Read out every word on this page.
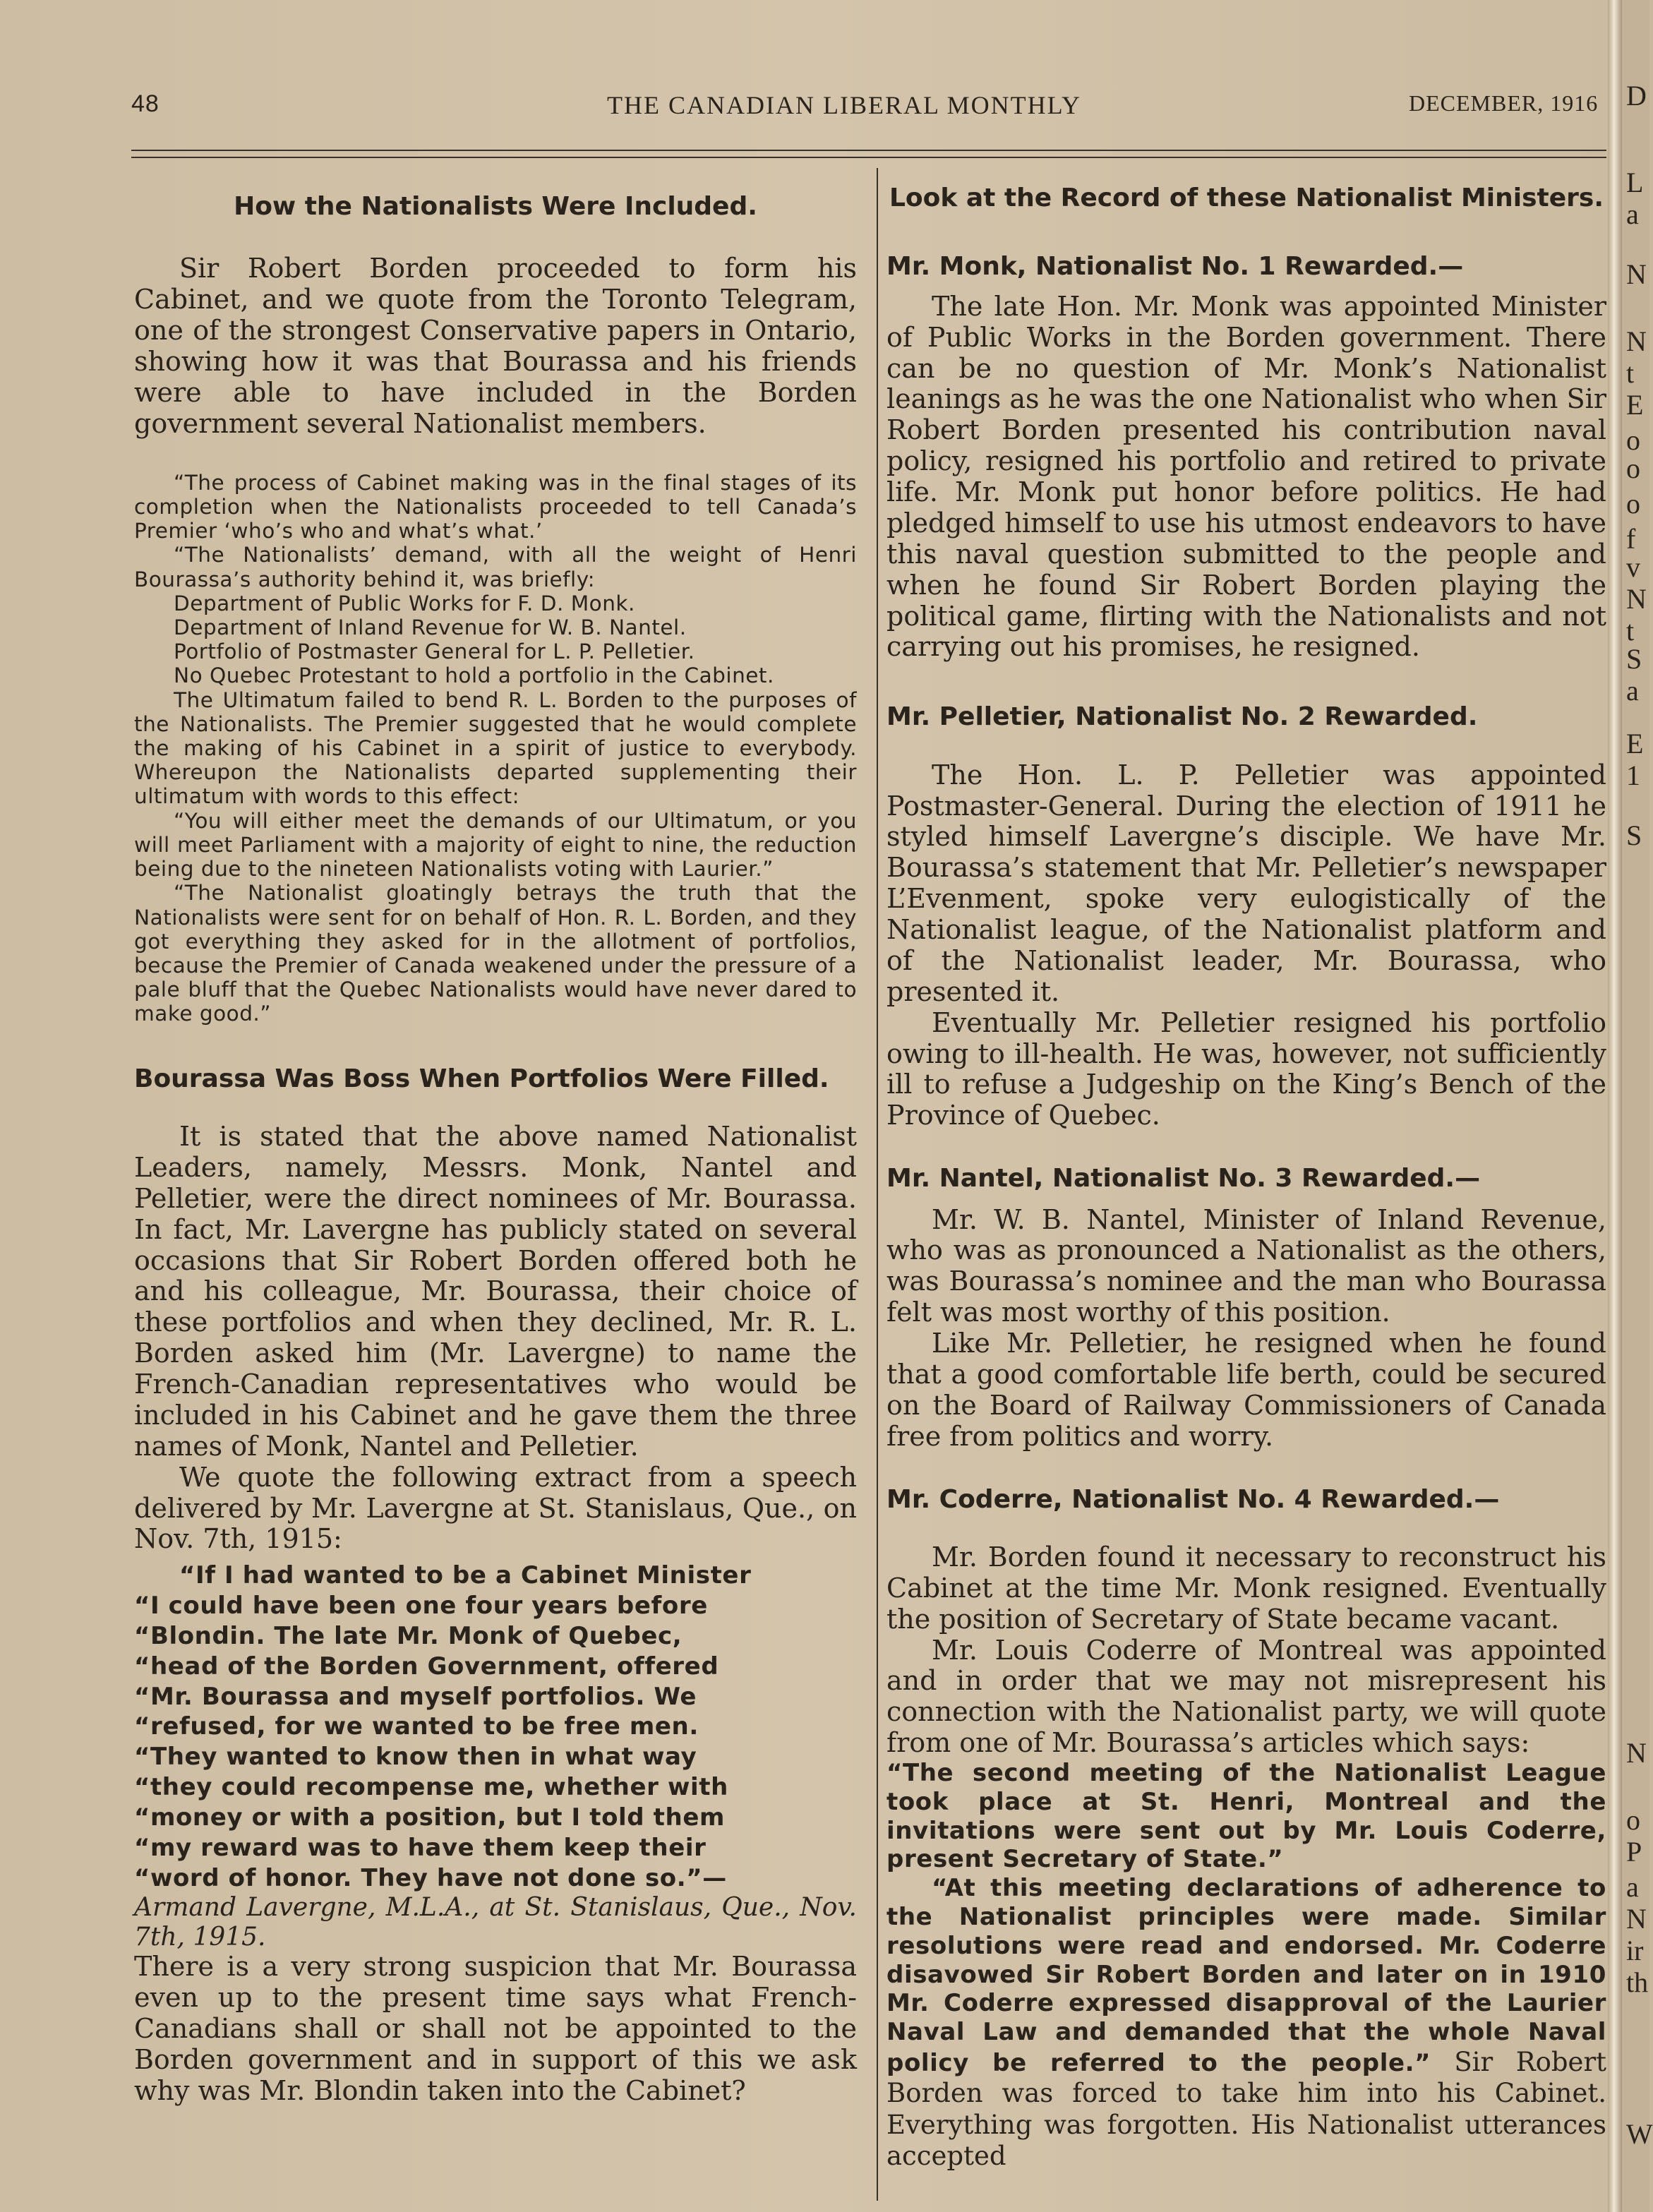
48	THE CANADIAN LIBERAL MONTHLY	DECEMBER, 1916
How the Nationalists Were Included.

Sir Robert Borden proceeded to form his Cabinet, and we quote from the Toronto Telegram, one of the strongest Conservative papers in Ontario, showing how it was that Bourassa and his friends were able to have included in the Borden government several Nationalist members.

“The process of Cabinet making was in the final stages of its completion when the Nationalists proceeded to tell Canada’s Premier ‘who’s who and what’s what.’

“The Nationalists’ demand, with all the weight of Henri Bourassa’s authority behind it, was briefly:

Department of Public Works for F. D. Monk.

Department of Inland Revenue for W. B. Nantel.

Portfolio of Postmaster General for L. P. Pelletier.

No Quebec Protestant to hold a portfolio in the Cabinet.

The Ultimatum failed to bend R. L. Borden to the purposes of the Nationalists. The Premier suggested that he would complete the making of his Cabinet in a spirit of justice to everybody. Whereupon the Nationalists departed supplementing their ultimatum with words to this effect:

“You will either meet the demands of our Ultimatum, or you will meet Parliament with a majority of eight to nine, the reduction being due to the nineteen Nationalists voting with Laurier.”

“The Nationalist gloatingly betrays the truth that the Nationalists were sent for on behalf of Hon. R. L. Borden, and they got everything they asked for in the allotment of portfolios, because the Premier of Canada weakened under the pressure of a pale bluff that the Quebec Nationalists would have never dared to make good.”

Bourassa Was Boss When Portfolios Were Filled.

It is stated that the above named Nationalist Leaders, namely, Messrs. Monk, Nantel and Pelletier, were the direct nominees of Mr. Bourassa. In fact, Mr. Lavergne has publicly stated on several occasions that Sir Robert Borden offered both he and his colleague, Mr. Bourassa, their choice of these portfolios and when they declined, Mr. R. L. Borden asked him (Mr. Lavergne) to name the French-Canadian representatives who would be included in his Cabinet and he gave them the three names of Monk, Nantel and Pelletier.

We quote the following extract from a speech delivered by Mr. Lavergne at St. Stanislaus, Que., on Nov. 7th, 1915:

“If I had wanted to be a Cabinet Minister

“I could have been one four years before

“Blondin. The late Mr. Monk of Quebec,

“head of the Borden Government, offered

“Mr. Bourassa and myself portfolios. We

“refused, for we wanted to be free men.

“They wanted to know then in what way

“they could recompense me, whether with

“money or with a position, but I told them

“my reward was to have them keep their

“word of honor. They have not done so.”—

Armand Lavergne, M.L.A., at St. Stanislaus, Que., Nov. 7th, 1915.

There is a very strong suspicion that Mr. Bourassa even up to the present time says what French-Canadians shall or shall not be appointed to the Borden government and in support of this we ask why was Mr. Blondin taken into the Cabinet?

Look at the Record of these Nationalist Ministers.
Mr. Monk, Nationalist No. 1 Rewarded.—

The late Hon. Mr. Monk was appointed Minister of Public Works in the Borden government. There can be no question of Mr. Monk’s Nationalist leanings as he was the one Nationalist who when Sir Robert Borden presented his contribution naval policy, resigned his portfolio and retired to private life. Mr. Monk put honor before politics. He had pledged himself to use his utmost endeavors to have this naval question submitted to the people and when he found Sir Robert Borden playing the political game, flirting with the Nationalists and not carrying out his promises, he resigned.

Mr. Pelletier, Nationalist No. 2 Rewarded.

The Hon. L. P. Pelletier was appointed Postmaster-General. During the election of 1911 he styled himself Lavergne’s disciple. We have Mr. Bourassa’s statement that Mr. Pelletier’s newspaper L’Evenment, spoke very eulogistically of the Nationalist league, of the Nationalist platform and of the Nationalist leader, Mr. Bourassa, who presented it.

Eventually Mr. Pelletier resigned his portfolio owing to ill-health. He was, however, not sufficiently ill to refuse a Judgeship on the King’s Bench of the Province of Quebec.

Mr. Nantel, Nationalist No. 3 Rewarded.—

Mr. W. B. Nantel, Minister of Inland Revenue, who was as pronounced a Nationalist as the others, was Bourassa’s nominee and the man who Bourassa felt was most worthy of this position.

Like Mr. Pelletier, he resigned when he found that a good comfortable life berth, could be secured on the Board of Railway Commissioners of Canada free from politics and worry.

Mr. Coderre, Nationalist No. 4 Rewarded.—

Mr. Borden found it necessary to reconstruct his Cabinet at the time Mr. Monk resigned. Eventually the position of Secretary of State became vacant.

Mr. Louis Coderre of Montreal was appointed and in order that we may not misrepresent his connection with the Nationalist party, we will quote from one of Mr. Bourassa’s articles which says:

“The second meeting of the Nationalist League took place at St. Henri, Montreal and the invitations were sent out by Mr. Louis Coderre, present Secretary of State.”

“At this meeting declarations of adherence to the Nationalist principles were made. Similar resolutions were read and endorsed. Mr. Coderre disavowed Sir Robert Borden and later on in 1910 Mr. Coderre expressed disapproval of the Laurier Naval Law and demanded that the whole Naval policy be referred to the people.” Sir Robert Borden was forced to take him into his Cabinet. Everything was forgotten. His Nationalist utterances accepted

D
L
a
N
N
t
E
o
o
o
f
v
N
t
S
a
E
1
S
N
o
P
a
N
ir
th
W
